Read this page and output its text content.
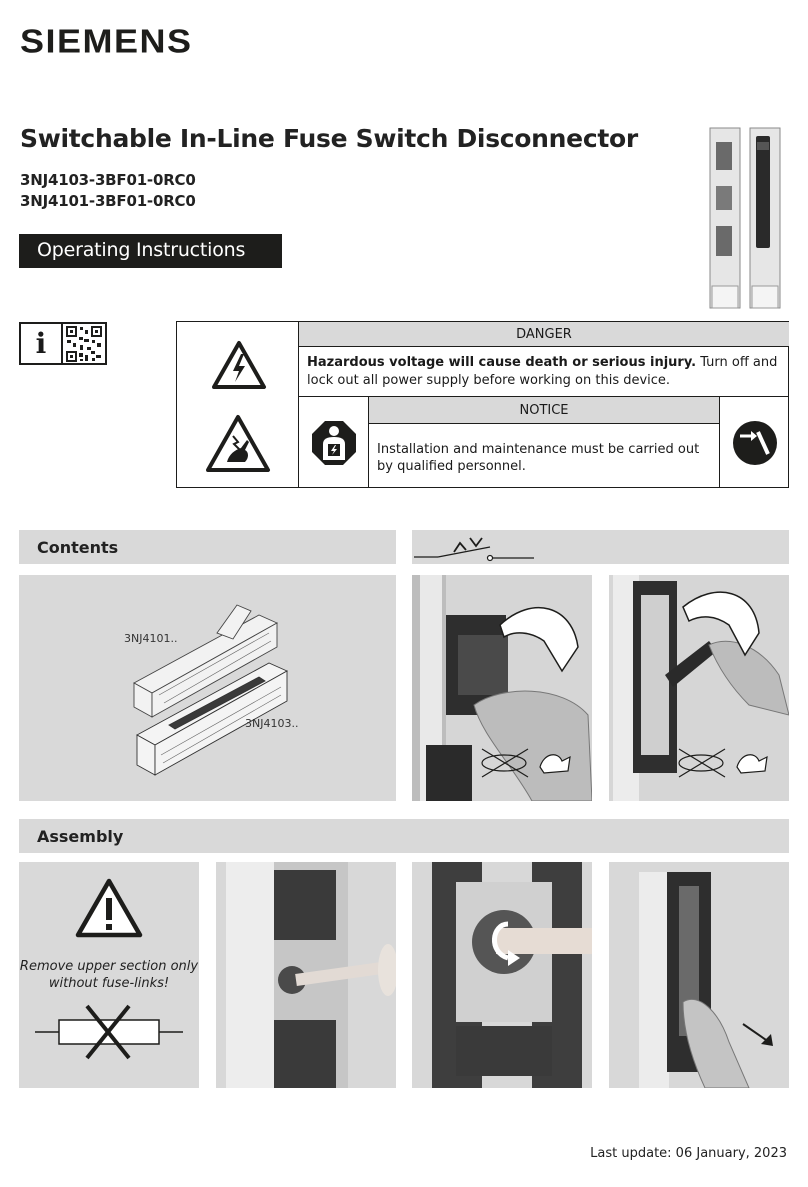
SIEMENS
Switchable In-Line Fuse Switch Disconnector
3NJ4103-3BF01-0RC0
3NJ4101-3BF01-0RC0
Operating Instructions
i	DANGER
Hazardous voltage will cause death or serious injury. Turn off and lock out all power supply before working on this device.
NOTICE
Installation and maintenance must be carried out by qualified personnel.
Contents
3NJ4101..
3NJ4103..
Assembly
Remove upper section only
without fuse-links!
Last update: 06 January, 2023
